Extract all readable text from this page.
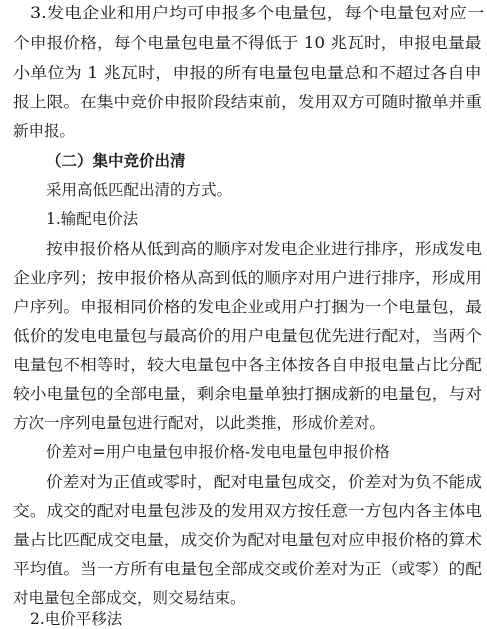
3.发电企业和用户均可申报多个电量包，每个电量包对应一
个申报价格，每个电量包电量不得低于 10 兆瓦时，申报电量最
小单位为 1 兆瓦时，申报的所有电量包电量总和不超过各自申
报上限。在集中竞价申报阶段结束前，发用双方可随时撤单并重
新申报。
（二）集中竞价出清
采用高低匹配出清的方式。
1.输配电价法
按申报价格从低到高的顺序对发电企业进行排序，形成发电
企业序列；按申报价格从高到低的顺序对用户进行排序，形成用
户序列。申报相同价格的发电企业或用户打捆为一个电量包，最
低价的发电电量包与最高价的用户电量包优先进行配对，当两个
电量包不相等时，较大电量包中各主体按各自申报电量占比分配
较小电量包的全部电量，剩余电量单独打捆成新的电量包，与对
方次一序列电量包进行配对，以此类推，形成价差对。
价差对=用户电量包申报价格-发电电量包申报价格
价差对为正值或零时，配对电量包成交，价差对为负不能成
交。成交的配对电量包涉及的发用双方按任意一方包内各主体电
量占比匹配成交电量，成交价为配对电量包对应申报价格的算术
平均值。当一方所有电量包全部成交或价差对为正（或零）的配
对电量包全部成交，则交易结束。
2.电价平移法
